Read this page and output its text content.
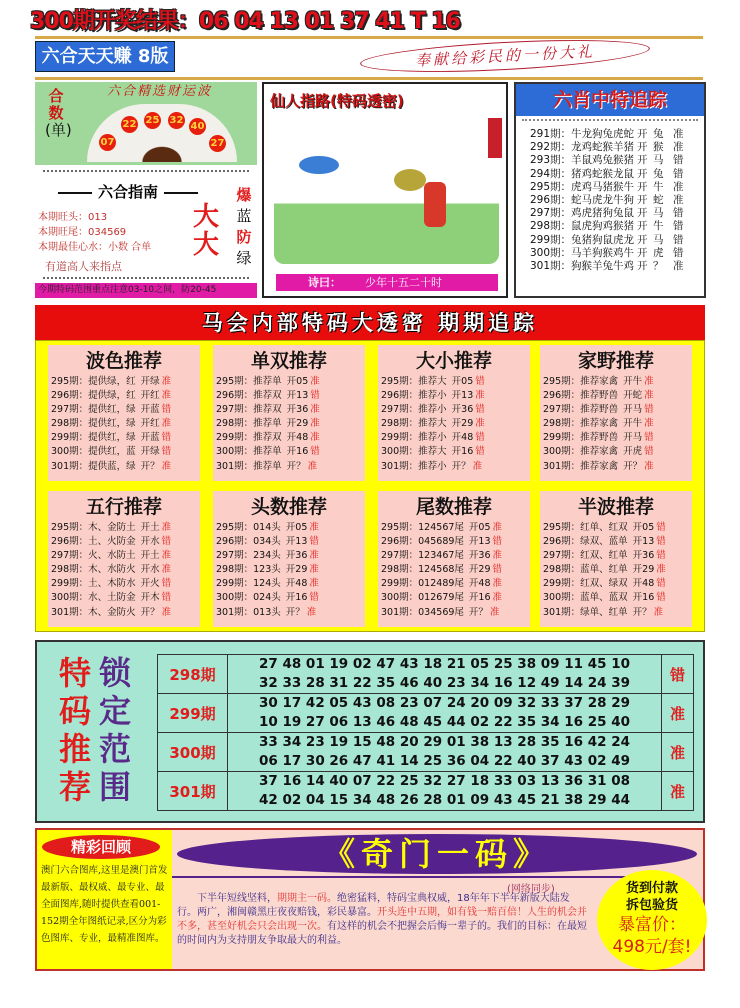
300期开奖结果：06 04 13 01 37 41 T 16
六合天天赚 8版	奉献给彩民的一份大礼
合数
(单)
07
22 25 32
40
27
六合精选财运波
六合指南
本期旺头：013
本期旺尾：034569
本期最佳心水：小数 合单
有道高人来指点
大大
爆
蓝
防
绿
今期特码范围重点注意03-10之间，防20-45
仙人指路(特码透密)
诗曰： 少年十五二十时
六肖中特追踪
291期：牛龙狗兔虎蛇 开 兔 准
292期：龙鸡蛇猴羊猪 开 猴 准
293期：羊鼠鸡兔猴猪 开 马 错
294期：猪鸡蛇猴龙鼠 开 兔 错
295期：虎鸡马猪猴牛 开 牛 准
296期：蛇马虎龙牛狗 开 蛇 准
297期：鸡虎猪狗兔鼠 开 马 错
298期：鼠虎狗鸡猴猪 开 牛 错
299期：兔猪狗鼠虎龙 开 马 错
300期：马羊狗猴鸡牛 开 虎 错
301期：狗猴羊兔牛鸡 开 ？ 准
马会内部特码大透密 期期追踪
波色推荐
295期：提供绿，红 开绿 准
296期：提供绿，红 开红 准
297期：提供红，绿 开蓝 错
298期：提供红，绿 开红 准
299期：提供红，绿 开蓝 错
300期：提供红，蓝 开绿 错
301期：提供蓝，绿 开？ 准
单双推荐
295期：推荐单 开05 准
296期：推荐双 开13 错
297期：推荐双 开36 准
298期：推荐单 开29 准
299期：推荐双 开48 准
300期：推荐单 开16 错
301期：推荐单 开？ 准
大小推荐
295期：推荐大 开05 错
296期：推荐小 开13 准
297期：推荐小 开36 错
298期：推荐大 开29 准
299期：推荐小 开48 错
300期：推荐大 开16 错
301期：推荐小 开？ 准
家野推荐
295期：推荐家禽 开牛 准
296期：推荐野兽 开蛇 准
297期：推荐野兽 开马 错
298期：推荐家禽 开牛 准
299期：推荐野兽 开马 错
300期：推荐家禽 开虎 错
301期：推荐家禽 开？ 准
五行推荐
295期：木、金防土 开土 准
296期：土、火防金 开水 错
297期：火、水防土 开土 准
298期：木、水防火 开水 准
299期：土、木防水 开火 错
300期：水、土防金 开木 错
301期：木、金防火 开？ 准
头数推荐
295期：014头 开05 准
296期：034头 开13 错
297期：234头 开36 准
298期：123头 开29 准
299期：124头 开48 准
300期：024头 开16 错
301期：013头 开？ 准
尾数推荐
295期：124567尾 开05 准
296期：045689尾 开13 错
297期：123467尾 开36 准
298期：124568尾 开29 错
299期：012489尾 开48 准
300期：012679尾 开16 准
301期：034569尾 开？ 准
半波推荐
295期：红单、红双 开05 错
296期：绿双、蓝单 开13 错
297期：红双、红单 开36 错
298期：蓝单、红单 开29 准
299期：红双、绿双 开48 错
300期：蓝单、蓝双 开16 错
301期：绿单、红单 开？ 准
特
码
推
荐
锁
定
范
围
298期	27 48 01 19 02 47 43 18 21 05 25 38 09 11 45 10
32 33 28 31 22 35 46 40 23 34 16 12 49 14 24 39	错
299期	30 17 42 05 43 08 23 07 24 20 09 32 33 37 28 29
10 19 27 06 13 46 48 45 44 02 22 35 34 16 25 40	准
300期	33 34 23 19 15 48 20 29 01 38 13 28 35 16 42 24
06 17 30 26 47 41 14 25 36 04 22 40 37 43 02 49	准
301期	37 16 14 40 07 22 25 32 27 18 33 03 13 36 31 08
42 02 04 15 34 48 26 28 01 09 43 45 21 38 29 44	准
精彩回顾
澳门六合图库,这里是澳门首发最新版、最权威、最专业、最全面图库,随时提供查看001-152期全年图纸记录,区分为彩色图库、专业，最精准图库。
《奇门一码》
(网络同步)
下半年短线坚料，期期主一码。绝密猛料，特码宝典权威，18年年下半年新版大陆发行。两广，湘闽赣黑庄夜夜赔钱，彩民暴富。开头连中五期，如有钱一赔百倍！人生的机会并不多，甚至好机会只会出现一次。有这样的机会不把握会后悔一辈子的。我们的目标：在最短的时间内为支持朋友争取最大的利益。
货到付款
拆包验货
暴富价：
498元/套!
